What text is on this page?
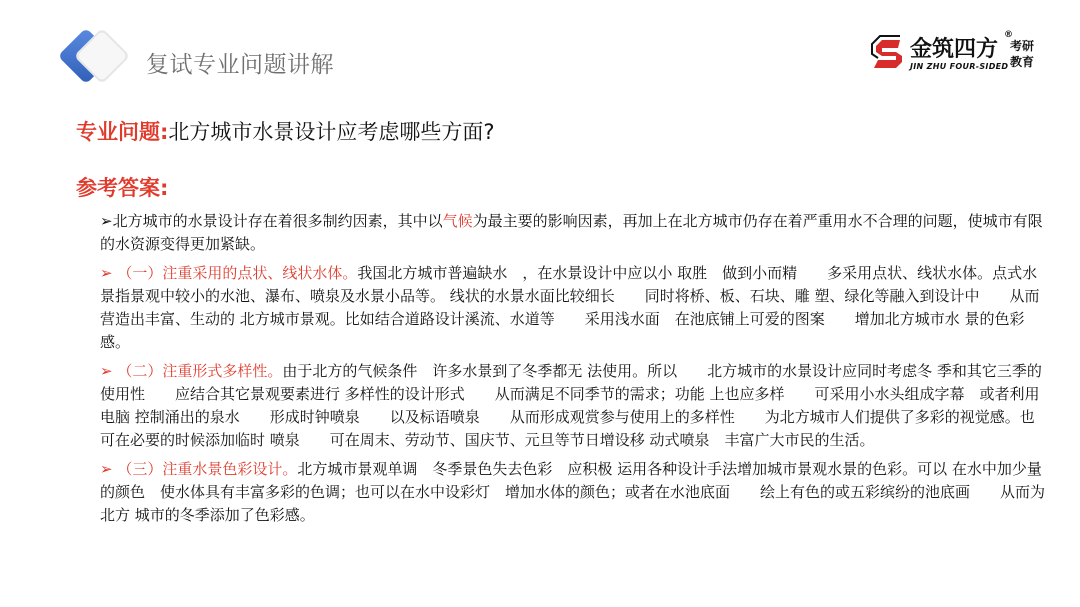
复试专业问题讲解
金筑四方
®
考研
教育
JIN ZHU FOUR-SIDED
专业问题:北方城市水景设计应考虑哪些方面?
参考答案:

➢北方城市的水景设计存在着很多制约因素，其中以气候为最主要的影响因素，再加上在北方城市仍存在着严重用水不合理的问题，使城市有限的水资源变得更加紧缺。

➢ （一）注重采用的点状、线状水体。我国北方城市普遍缺水　，在水景设计中应以小 取胜　做到小而精　　多采用点状、线状水体。点式水 景指景观中较小的水池、瀑布、喷泉及水景小品等。 线状的水景水面比较细长　　同时将桥、板、石块、雕 塑、绿化等融入到设计中　　从而营造出丰富、生动的 北方城市景观。比如结合道路设计溪流、水道等　　采用浅水面　在池底铺上可爱的图案　　增加北方城市水 景的色彩感。

➢ （二）注重形式多样性。由于北方的气候条件　许多水景到了冬季都无 法使用。所以　　北方城市的水景设计应同时考虑冬 季和其它三季的使用性　　应结合其它景观要素进行 多样性的设计形式　　从而满足不同季节的需求；功能 上也应多样　　可采用小水头组成字幕　或者利用电脑 控制涌出的泉水　　形成时钟喷泉　　以及标语喷泉　　从而形成观赏参与使用上的多样性　　为北方城市人们提供了多彩的视觉感。也可在必要的时候添加临时 喷泉　　可在周末、劳动节、国庆节、元旦等节日增设移 动式喷泉　丰富广大市民的生活。

➢ （三）注重水景色彩设计。北方城市景观单调　冬季景色失去色彩　应积极 运用各种设计手法增加城市景观水景的色彩。可以 在水中加少量的颜色　使水体具有丰富多彩的色调；也可以在水中设彩灯　增加水体的颜色；或者在水池底面　　绘上有色的或五彩缤纷的池底画　　从而为北方 城市的冬季添加了色彩感。
